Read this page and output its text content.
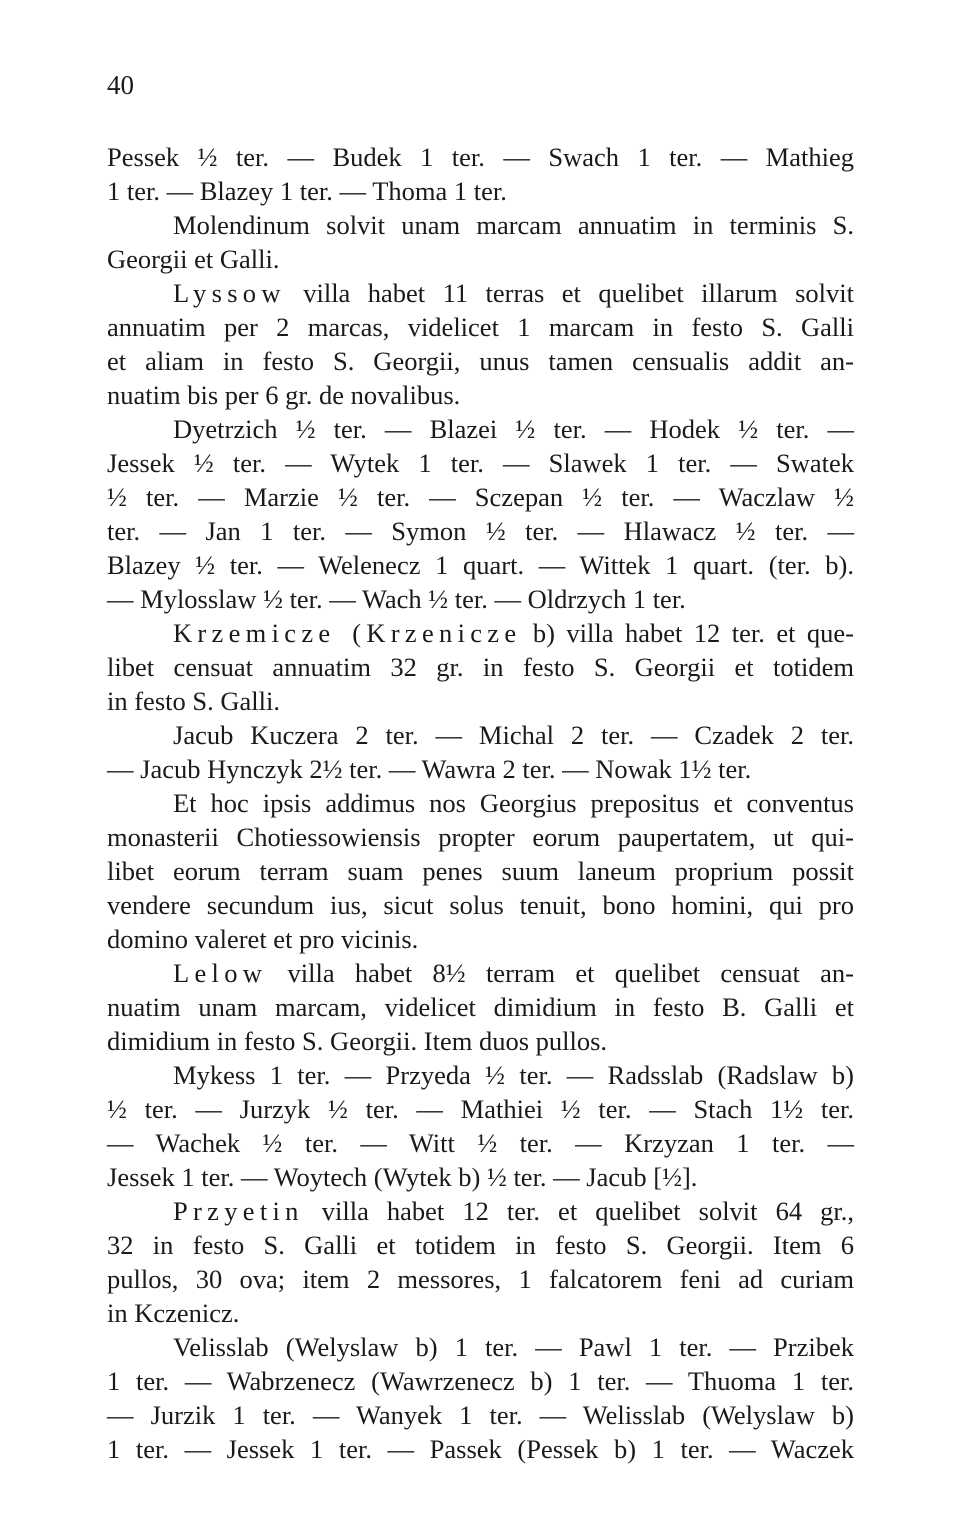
40
Pessek ½ ter. — Budek 1 ter. — Swach 1 ter. — Mathieg
1 ter. — Blazey 1 ter. — Thoma 1 ter.
Molendinum solvit unam marcam annuatim in terminis S.
Georgii et Galli.
Lyssow villa habet 11 terras et quelibet illarum solvit
annuatim per 2 marcas, videlicet 1 marcam in festo S. Galli
et aliam in festo S. Georgii, unus tamen censualis addit an-
nuatim bis per 6 gr. de novalibus.
Dyetrzich ½ ter. — Blazei ½ ter. — Hodek ½ ter. —
Jessek ½ ter. — Wytek 1 ter. — Slawek 1 ter. — Swatek
½ ter. — Marzie ½ ter. — Sczepan ½ ter. — Waczlaw ½
ter. — Jan 1 ter. — Symon ½ ter. — Hlawacz ½ ter. —
Blazey ½ ter. — Welenecz 1 quart. — Wittek 1 quart. (ter. b).
— Mylosslaw ½ ter. — Wach ½ ter. — Oldrzych 1 ter.
Krzemicze (Krzenicze b) villa habet 12 ter. et que-
libet censuat annuatim 32 gr. in festo S. Georgii et totidem
in festo S. Galli.
Jacub Kuczera 2 ter. — Michal 2 ter. — Czadek 2 ter.
— Jacub Hynczyk 2½ ter. — Wawra 2 ter. — Nowak 1½ ter.
Et hoc ipsis addimus nos Georgius prepositus et conventus
monasterii Chotiessowiensis propter eorum paupertatem, ut qui-
libet eorum terram suam penes suum laneum proprium possit
vendere secundum ius, sicut solus tenuit, bono homini, qui pro
domino valeret et pro vicinis.
Lelow villa habet 8½ terram et quelibet censuat an-
nuatim unam marcam, videlicet dimidium in festo B. Galli et
dimidium in festo S. Georgii. Item duos pullos.
Mykess 1 ter. — Przyeda ½ ter. — Radsslab (Radslaw b)
½ ter. — Jurzyk ½ ter. — Mathiei ½ ter. — Stach 1½ ter.
— Wachek ½ ter. — Witt ½ ter. — Krzyzan 1 ter. —
Jessek 1 ter. — Woytech (Wytek b) ½ ter. — Jacub [½].
Przyetin villa habet 12 ter. et quelibet solvit 64 gr.,
32 in festo S. Galli et totidem in festo S. Georgii. Item 6
pullos, 30 ova; item 2 messores, 1 falcatorem feni ad curiam
in Kczenicz.
Velisslab (Welyslaw b) 1 ter. — Pawl 1 ter. — Przibek
1 ter. — Wabrzenecz (Wawrzenecz b) 1 ter. — Thuoma 1 ter.
— Jurzik 1 ter. — Wanyek 1 ter. — Welisslab (Welyslaw b)
1 ter. — Jessek 1 ter. — Passek (Pessek b) 1 ter. — Waczek
